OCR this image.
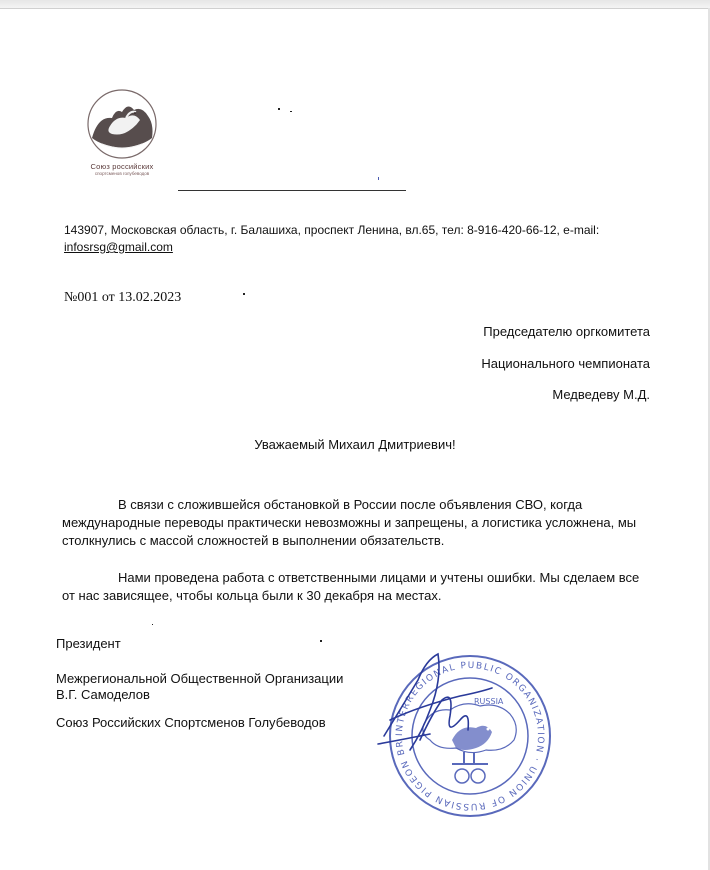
Союз российских
спортсменов голубеводов
143907, Московская область, г. Балашиха, проспект Ленина, вл.65, тел: 8-916-420-66-12, e-mail:
infosrsg@gmail.com
№001 от 13.02.2023
Председателю оргкомитета
Национального чемпионата
Медведеву М.Д.
Уважаемый Михаил Дмитриевич!
В связи с сложившейся обстановкой в России после объявления СВО, когда международные переводы практически невозможны и запрещены, а логистика усложнена, мы столкнулись с массой сложностей в выполнении обязательств.
Нами проведена работа с ответственными лицами и учтены ошибки. Мы сделаем все от нас зависящее, чтобы кольца были к 30 декабря на местах.
Президент
Межрегиональной Общественной Организации
В.Г. Самоделов
Союз Российских Спортсменов Голубеводов
INTERREGIONAL PUBLIC ORGANIZATION · UNION OF RUSSIAN PIGEON BR
RUSSIA
